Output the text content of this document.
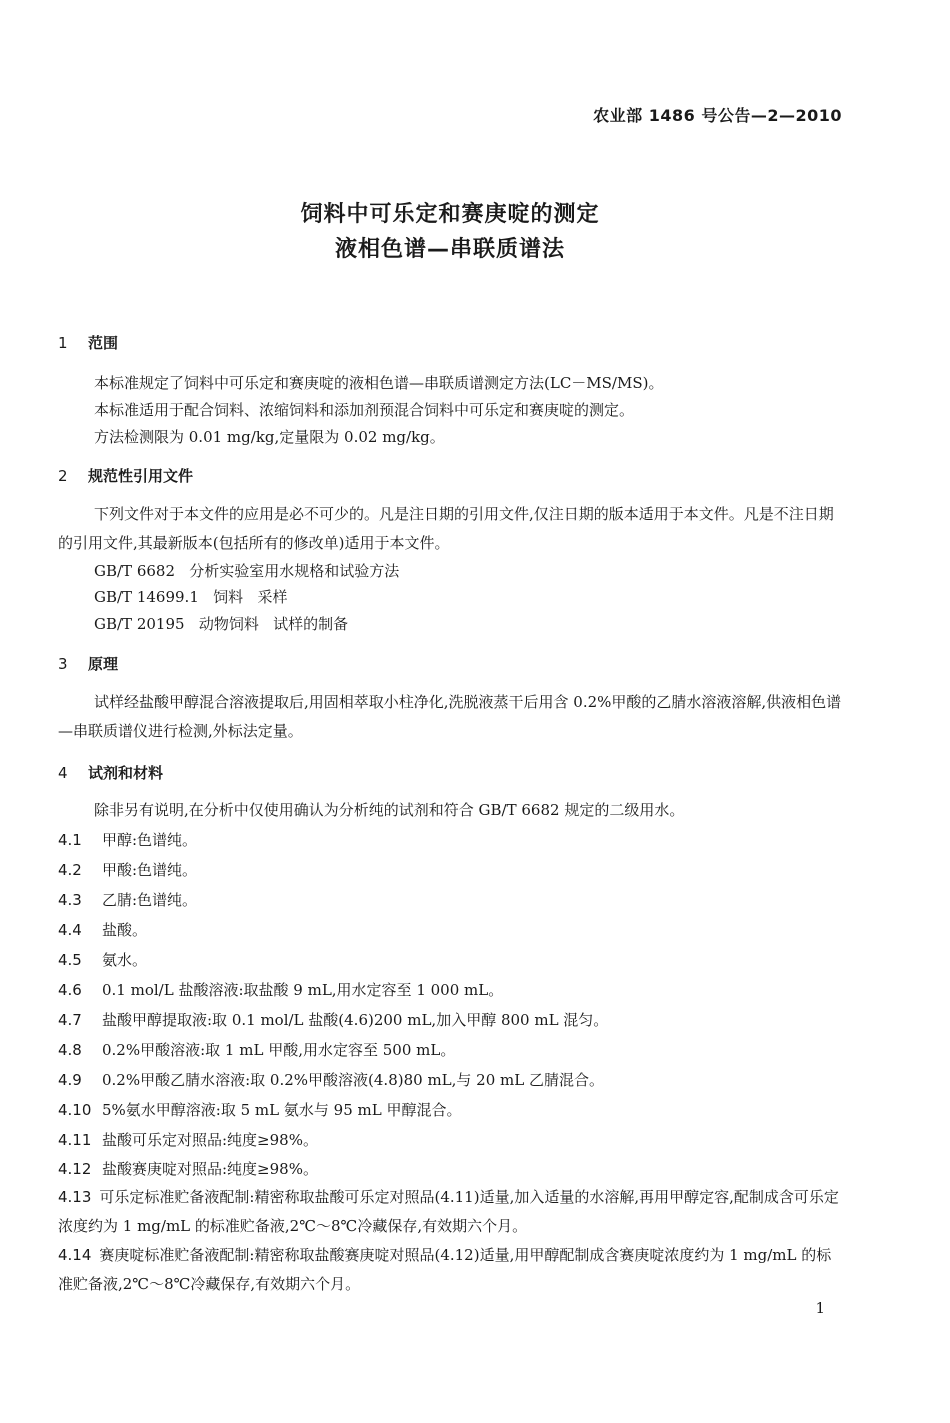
农业部 1486 号公告—2—2010
饲料中可乐定和赛庚啶的测定
液相色谱—串联质谱法
1 范围
本标准规定了饲料中可乐定和赛庚啶的液相色谱—串联质谱测定方法(LC－MS/MS)。
本标准适用于配合饲料、浓缩饲料和添加剂预混合饲料中可乐定和赛庚啶的测定。
方法检测限为 0.01 mg/kg,定量限为 0.02 mg/kg。
2 规范性引用文件
下列文件对于本文件的应用是必不可少的。凡是注日期的引用文件,仅注日期的版本适用于本文件。凡是不注日期的引用文件,其最新版本(包括所有的修改单)适用于本文件。
GB/T 6682   分析实验室用水规格和试验方法
GB/T 14699.1   饲料   采样
GB/T 20195   动物饲料   试样的制备
3 原理
试样经盐酸甲醇混合溶液提取后,用固相萃取小柱净化,洗脱液蒸干后用含 0.2%甲酸的乙腈水溶液溶解,供液相色谱—串联质谱仪进行检测,外标法定量。
4 试剂和材料
除非另有说明,在分析中仅使用确认为分析纯的试剂和符合 GB/T 6682 规定的二级用水。
4.1 甲醇:色谱纯。
4.2 甲酸:色谱纯。
4.3 乙腈:色谱纯。
4.4 盐酸。
4.5 氨水。
4.6 0.1 mol/L 盐酸溶液:取盐酸 9 mL,用水定容至 1 000 mL。
4.7 盐酸甲醇提取液:取 0.1 mol/L 盐酸(4.6)200 mL,加入甲醇 800 mL 混匀。
4.8 0.2%甲酸溶液:取 1 mL 甲酸,用水定容至 500 mL。
4.9 0.2%甲酸乙腈水溶液:取 0.2%甲酸溶液(4.8)80 mL,与 20 mL 乙腈混合。
4.10 5%氨水甲醇溶液:取 5 mL 氨水与 95 mL 甲醇混合。
4.11 盐酸可乐定对照品:纯度≥98%。
4.12 盐酸赛庚啶对照品:纯度≥98%。
4.13 可乐定标准贮备液配制:精密称取盐酸可乐定对照品(4.11)适量,加入适量的水溶解,再用甲醇定容,配制成含可乐定浓度约为 1 mg/mL 的标准贮备液,2℃～8℃冷藏保存,有效期六个月。
4.14 赛庚啶标准贮备液配制:精密称取盐酸赛庚啶对照品(4.12)适量,用甲醇配制成含赛庚啶浓度约为 1 mg/mL 的标准贮备液,2℃～8℃冷藏保存,有效期六个月。
1
